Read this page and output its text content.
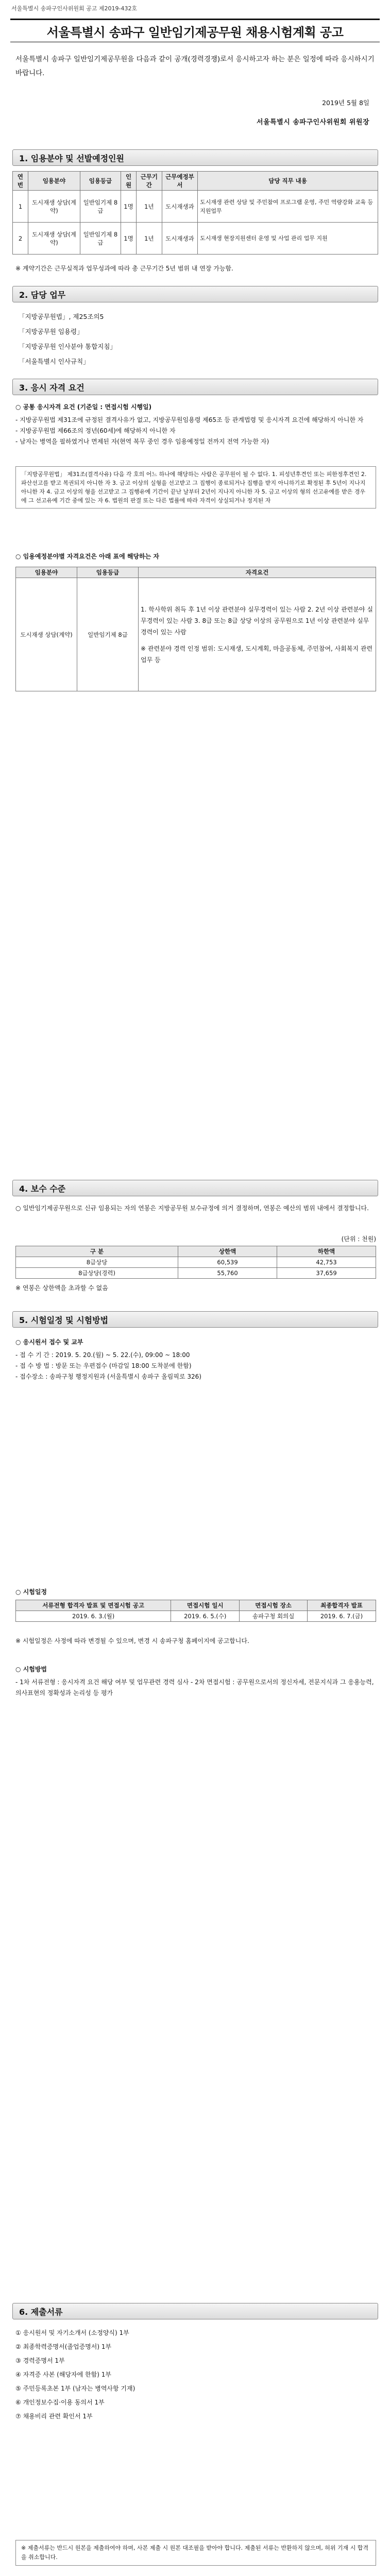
서울특별시 송파구인사위원회 공고 제2019-432호
서울특별시 송파구 일반임기제공무원 채용시험계획 공고
서울특별시 송파구 일반임기제공무원을 다음과 같이 공개(경력경쟁)로서 응시하고자 하는 분은 일정에 따라 응시하시기 바랍니다.
2019년 5월 8일
서울특별시 송파구인사위원회 위원장
1. 임용분야 및 선발예정인원
연번	임용분야	임용등급	인원	근무기간	근무예정부서	담당 직무 내용
1	도시재생 상담(계약)	일반임기제 8급	1명	1년	도시재생과	도시재생 관련 상담 및 주민참여 프로그램 운영, 주민 역량강화 교육 등 지원업무
2	도시재생 상담(계약)	일반임기제 8급	1명	1년	도시재생과	도시재생 현장지원센터 운영 및 사업 관리 업무 지원
※ 계약기간은 근무실적과 업무성과에 따라 총 근무기간 5년 범위 내 연장 가능함.
2. 담당 업무
「지방공무원법」, 제25조의5
「지방공무원 임용령」
「지방공무원 인사분야 통합지침」
「서울특별시 인사규칙」
3. 응시 자격 요건
○ 공통 응시자격 요건 (기준일 : 면접시험 시행일)
- 지방공무원법 제31조에 규정된 결격사유가 없고, 지방공무원임용령 제65조 등 관계법령 및 응시자격 요건에 해당하지 아니한 자
- 지방공무원법 제66조의 정년(60세)에 해당하지 아니한 자
- 남자는 병역을 필하였거나 면제된 자(현역 복무 중인 경우 임용예정일 전까지 전역 가능한 자)
「지방공무원법」 제31조(결격사유) 다음 각 호의 어느 하나에 해당하는 사람은 공무원이 될 수 없다. 1. 피성년후견인 또는 피한정후견인 2. 파산선고를 받고 복권되지 아니한 자 3. 금고 이상의 실형을 선고받고 그 집행이 종료되거나 집행을 받지 아니하기로 확정된 후 5년이 지나지 아니한 자 4. 금고 이상의 형을 선고받고 그 집행유예 기간이 끝난 날부터 2년이 지나지 아니한 자 5. 금고 이상의 형의 선고유예를 받은 경우에 그 선고유예 기간 중에 있는 자 6. 법원의 판결 또는 다른 법률에 따라 자격이 상실되거나 정지된 자
○ 임용예정분야별 자격요건은 아래 표에 해당하는 자
임용분야	임용등급	자격요건
도시재생 상담(계약)	일반임기제 8급	1. 학사학위 취득 후 1년 이상 관련분야 실무경력이 있는 사람 2. 2년 이상 관련분야 실무경력이 있는 사람 3. 8급 또는 8급 상당 이상의 공무원으로 1년 이상 관련분야 실무경력이 있는 사람
※ 관련분야 경력 인정 범위: 도시재생, 도시계획, 마을공동체, 주민참여, 사회복지 관련 업무 등
4. 보수 수준
○ 일반임기제공무원으로 신규 임용되는 자의 연봉은 지방공무원 보수규정에 의거 결정하며, 연봉은 예산의 범위 내에서 결정합니다.
(단위 : 천원)
구 분	상한액	하한액
8급상당	60,539	42,753
8급상당(경력)	55,760	37,659
※ 연봉은 상한액을 초과할 수 없음
5. 시험일정 및 시험방법
○ 응시원서 접수 및 교부
- 접 수 기 간 : 2019. 5. 20.(월) ~ 5. 22.(수), 09:00 ~ 18:00
- 접 수 방 법 : 방문 또는 우편접수 (마감일 18:00 도착분에 한함)
- 접수장소 : 송파구청 행정지원과 (서울특별시 송파구 올림픽로 326)
○ 시험일정
서류전형 합격자 발표 및 면접시험 공고	면접시험 일시	면접시험 장소	최종합격자 발표
2019. 6. 3.(월)	2019. 6. 5.(수)	송파구청 회의실	2019. 6. 7.(금)
※ 시험일정은 사정에 따라 변경될 수 있으며, 변경 시 송파구청 홈페이지에 공고합니다.
○ 시험방법
- 1차 서류전형 : 응시자격 요건 해당 여부 및 업무관련 경력 심사 - 2차 면접시험 : 공무원으로서의 정신자세, 전문지식과 그 응용능력, 의사표현의 정확성과 논리성 등 평가
6. 제출서류
① 응시원서 및 자기소개서 (소정양식) 1부
② 최종학력증명서(졸업증명서) 1부
③ 경력증명서 1부
④ 자격증 사본 (해당자에 한함) 1부
⑤ 주민등록초본 1부 (남자는 병역사항 기재)
⑥ 개인정보수집·이용 동의서 1부
⑦ 채용비리 관련 확인서 1부
※ 제출서류는 반드시 원본을 제출하여야 하며, 사본 제출 시 원본 대조필을 받아야 합니다. 제출된 서류는 반환하지 않으며, 허위 기재 시 합격을 취소합니다.
